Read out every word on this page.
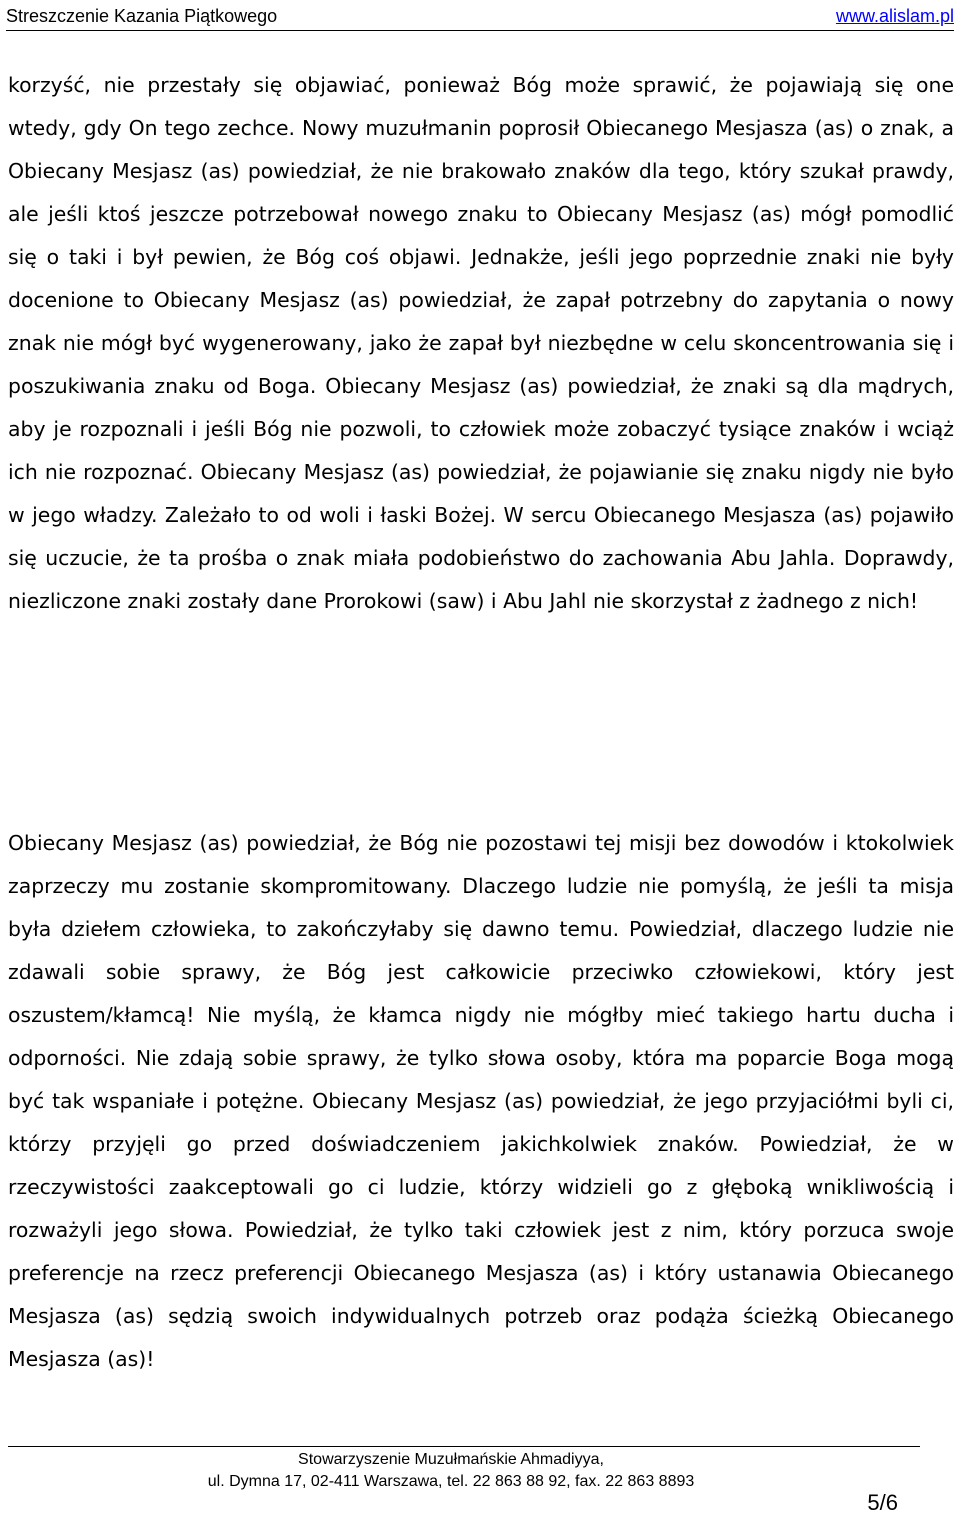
Streszczenie Kazania Piątkowego	www.alislam.pl

korzyść, nie przestały się objawiać, ponieważ Bóg może sprawić, że pojawiają się one wtedy, gdy On tego zechce. Nowy muzułmanin poprosił Obiecanego Mesjasza (as) o znak, a Obiecany Mesjasz (as) powiedział, że nie brakowało znaków dla tego, który szukał prawdy, ale jeśli ktoś jeszcze potrzebował nowego znaku to Obiecany Mesjasz (as) mógł pomodlić się o taki i był pewien, że Bóg coś objawi. Jednakże, jeśli jego poprzednie znaki nie były docenione to Obiecany Mesjasz (as) powiedział, że zapał potrzebny do zapytania o nowy znak nie mógł być wygenerowany, jako że zapał był niezbędne w celu skoncentrowania się i poszukiwania znaku od Boga. Obiecany Mesjasz (as) powiedział, że znaki są dla mądrych, aby je rozpoznali i jeśli Bóg nie pozwoli, to człowiek może zobaczyć tysiące znaków i wciąż ich nie rozpoznać. Obiecany Mesjasz (as) powiedział, że pojawianie się znaku nigdy nie było w jego władzy. Zależało to od woli i łaski Bożej. W sercu Obiecanego Mesjasza (as) pojawiło się uczucie, że ta prośba o znak miała podobieństwo do zachowania Abu Jahla. Doprawdy, niezliczone znaki zostały dane Prorokowi (saw) i Abu Jahl nie skorzystał z żadnego z nich!

Obiecany Mesjasz (as) powiedział, że Bóg nie pozostawi tej misji bez dowodów i ktokolwiek zaprzeczy mu zostanie skompromitowany. Dlaczego ludzie nie pomyślą, że jeśli ta misja była dziełem człowieka, to zakończyłaby się dawno temu. Powiedział, dlaczego ludzie nie zdawali sobie sprawy, że Bóg jest całkowicie przeciwko człowiekowi, który jest oszustem/kłamcą! Nie myślą, że kłamca nigdy nie mógłby mieć takiego hartu ducha i odporności. Nie zdają sobie sprawy, że tylko słowa osoby, która ma poparcie Boga mogą być tak wspaniałe i potężne. Obiecany Mesjasz (as) powiedział, że jego przyjaciółmi byli ci, którzy przyjęli go przed doświadczeniem jakichkolwiek znaków. Powiedział, że w rzeczywistości zaakceptowali go ci ludzie, którzy widzieli go z głęboką wnikliwością i rozważyli jego słowa. Powiedział, że tylko taki człowiek jest z nim, który porzuca swoje preferencje na rzecz preferencji Obiecanego Mesjasza (as) i który ustanawia Obiecanego Mesjasza (as) sędzią swoich indywidualnych potrzeb oraz podąża ścieżką Obiecanego Mesjasza (as)!

Stowarzyszenie Muzułmańskie Ahmadiyya,
ul. Dymna 17, 02-411 Warszawa, tel. 22 863 88 92, fax. 22 863 8893
5/6
